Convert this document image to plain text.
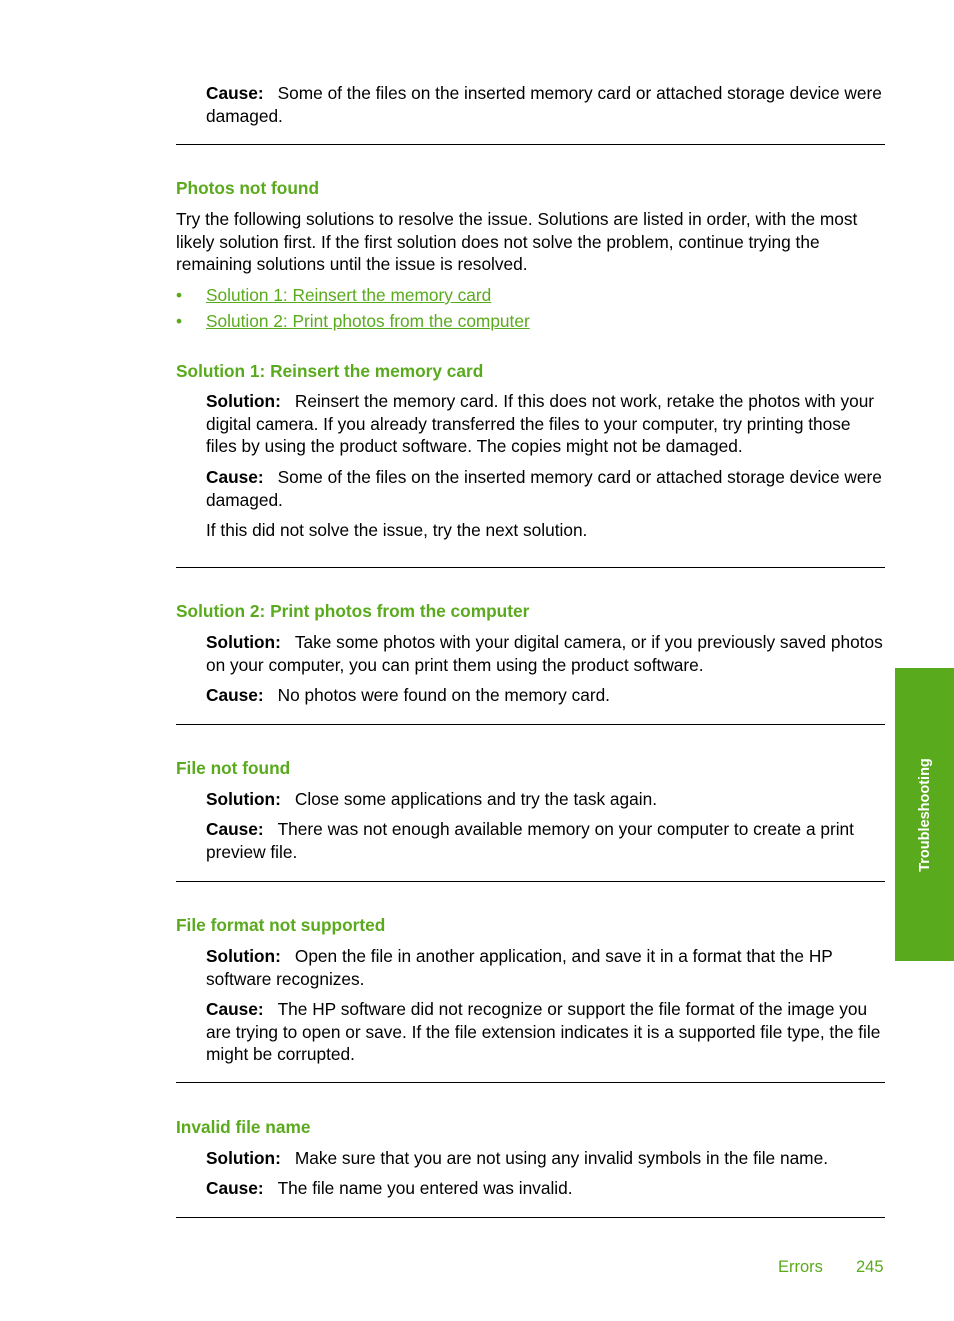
Cause: Some of the files on the inserted memory card or attached storage device were damaged.

Photos not found

Try the following solutions to resolve the issue. Solutions are listed in order, with the most likely solution first. If the first solution does not solve the problem, continue trying the remaining solutions until the issue is resolved.

• Solution 1: Reinsert the memory card
• Solution 2: Print photos from the computer
Solution 1: Reinsert the memory card

Solution: Reinsert the memory card. If this does not work, retake the photos with your digital camera. If you already transferred the files to your computer, try printing those files by using the product software. The copies might not be damaged.

Cause: Some of the files on the inserted memory card or attached storage device were damaged.

If this did not solve the issue, try the next solution.

Solution 2: Print photos from the computer

Solution: Take some photos with your digital camera, or if you previously saved photos on your computer, you can print them using the product software.

Cause: No photos were found on the memory card.

File not found

Solution: Close some applications and try the task again.

Cause: There was not enough available memory on your computer to create a print preview file.

File format not supported

Solution: Open the file in another application, and save it in a format that the HP software recognizes.

Cause: The HP software did not recognize or support the file format of the image you are trying to open or save. If the file extension indicates it is a supported file type, the file might be corrupted.

Invalid file name

Solution: Make sure that you are not using any invalid symbols in the file name.

Cause: The file name you entered was invalid.

Troubleshooting
Errors 245
